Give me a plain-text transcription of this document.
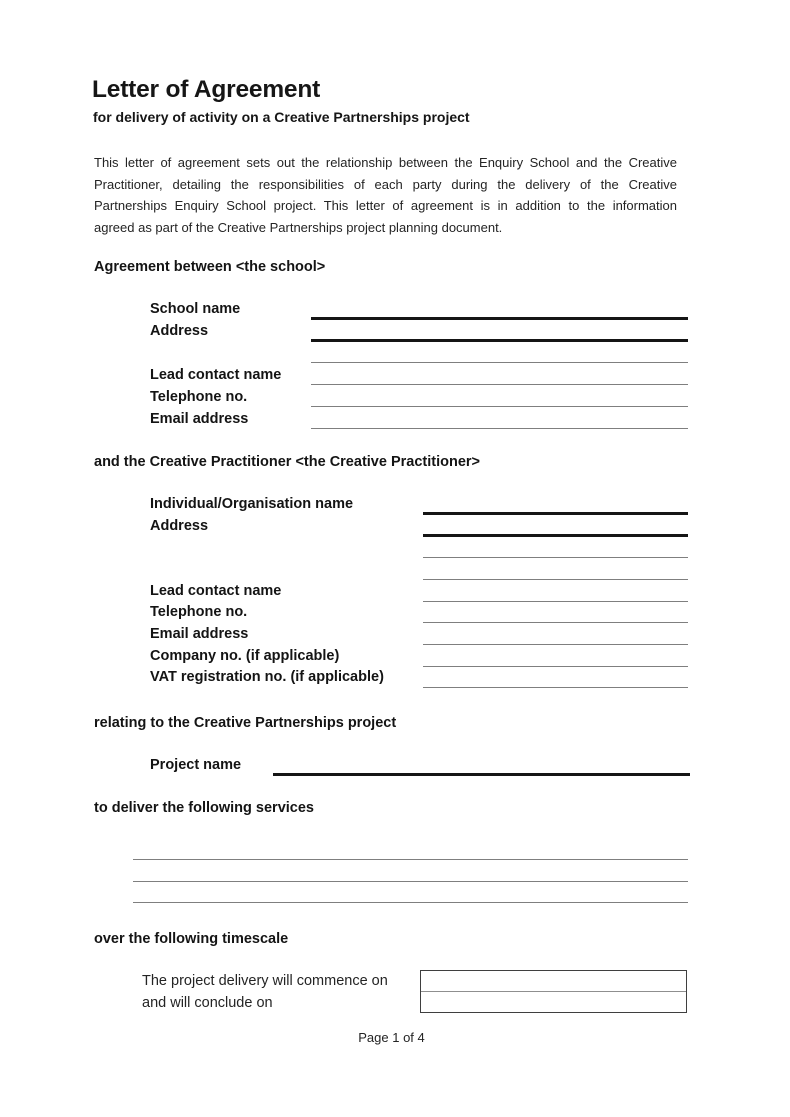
Letter of Agreement
for delivery of activity on a Creative Partnerships project
This letter of agreement sets out the relationship between the Enquiry School and the Creative
Practitioner, detailing the responsibilities of each party during the delivery of the Creative
Partnerships Enquiry School project. This letter of agreement is in addition to the information
agreed as part of the Creative Partnerships project planning document.
Agreement between <the school>
School name
Address
Lead contact name
Telephone no.
Email address
and the Creative Practitioner <the Creative Practitioner>
Individual/Organisation name
Address
Lead contact name
Telephone no.
Email address
Company no. (if applicable)
VAT registration no. (if applicable)
relating to the Creative Partnerships project
Project name
to deliver the following services
over the following timescale
The project delivery will commence on
and will conclude on
Page 1 of 4
